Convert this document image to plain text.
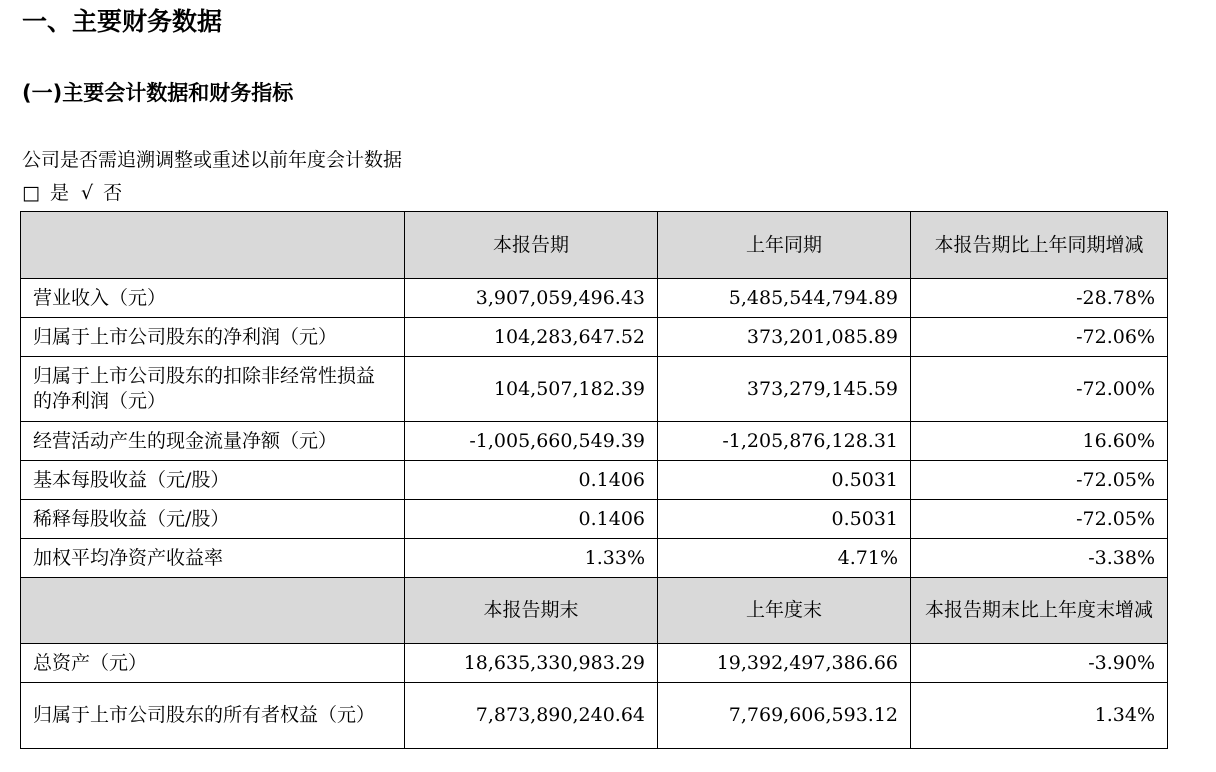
一、主要财务数据
(一)主要会计数据和财务指标
公司是否需追溯调整或重述以前年度会计数据
□ 是 √ 否
	本报告期	上年同期	本报告期比上年同期增减
营业收入（元）	3,907,059,496.43	5,485,544,794.89	-28.78%
归属于上市公司股东的净利润（元）	104,283,647.52	373,201,085.89	-72.06%
归属于上市公司股东的扣除非经常性损益的净利润（元）	104,507,182.39	373,279,145.59	-72.00%
经营活动产生的现金流量净额（元）	-1,005,660,549.39	-1,205,876,128.31	16.60%
基本每股收益（元/股）	0.1406	0.5031	-72.05%
稀释每股收益（元/股）	0.1406	0.5031	-72.05%
加权平均净资产收益率	1.33%	4.71%	-3.38%
	本报告期末	上年度末	本报告期末比上年度末增减
总资产（元）	18,635,330,983.29	19,392,497,386.66	-3.90%
归属于上市公司股东的所有者权益（元）	7,873,890,240.64	7,769,606,593.12	1.34%
